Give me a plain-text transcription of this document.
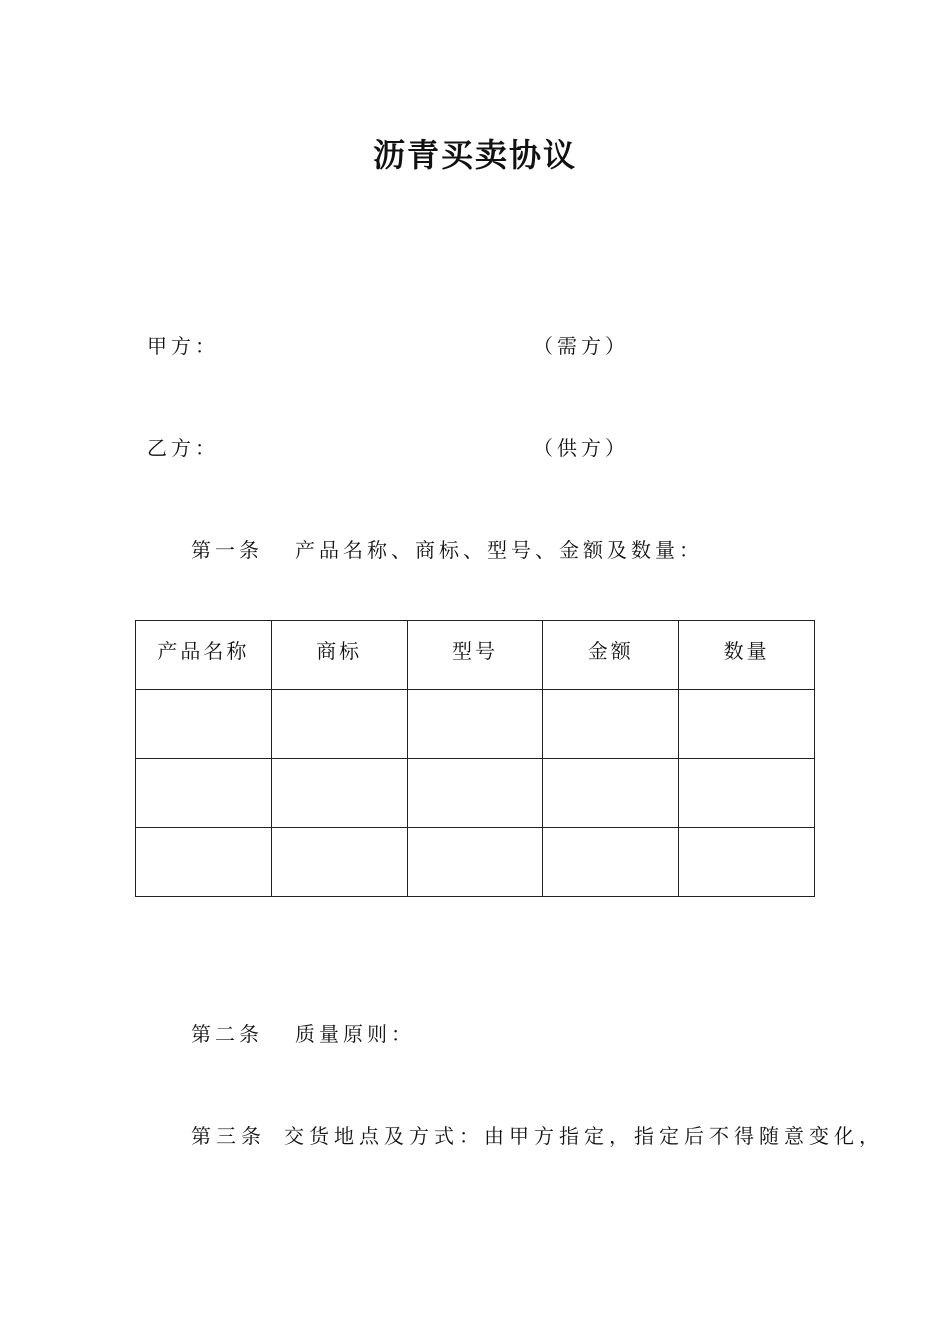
沥青买卖协议
甲方：	（需方）
乙方：	（供方）
第一条 产品名称、商标、型号、金额及数量：
产品名称	商标	型号	金额	数量

第二条 质量原则：
第三条 交货地点及方式：由甲方指定，指定后不得随意变化，
